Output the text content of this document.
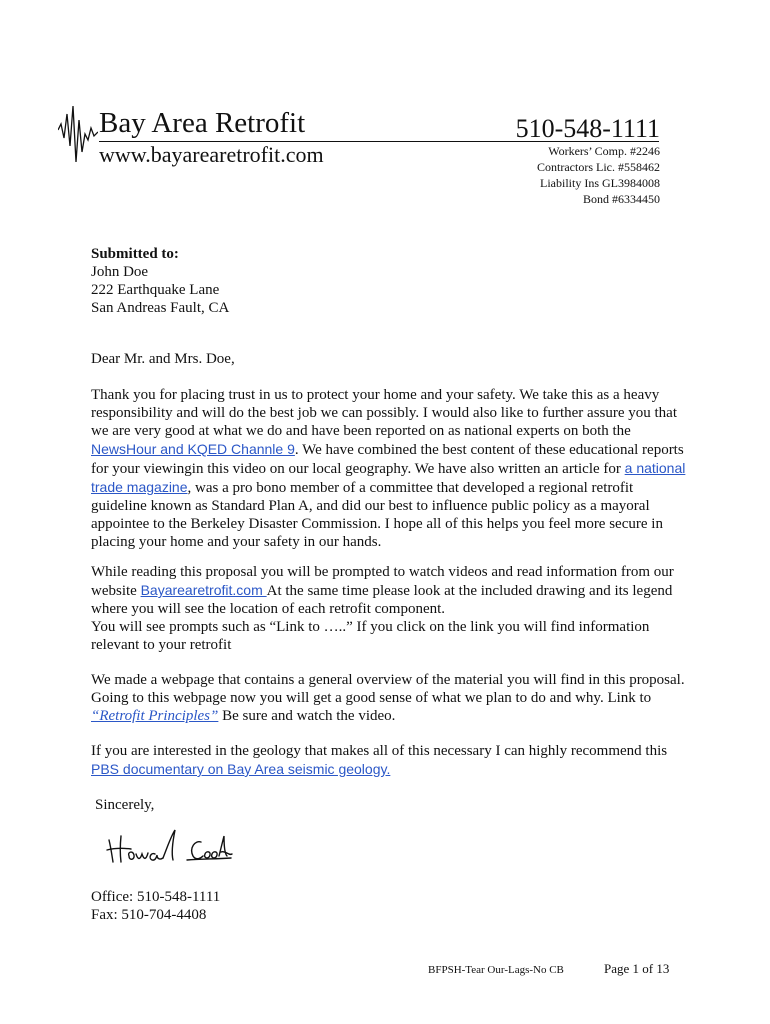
Bay Area Retrofit
www.bayarearetrofit.com
510-548-1111
Workers’ Comp. #2246
Contractors Lic. #558462
Liability Ins GL3984008
Bond #6334450
Submitted to:
John Doe
222 Earthquake Lane
San Andreas Fault, CA
Dear Mr. and Mrs. Doe,

Thank you for placing trust in us to protect your home and your safety. We take this as a heavy responsibility and will do the best job we can possibly. I would also like to further assure you that we are very good at what we do and have been reported on as national experts on both the NewsHour and KQED Channle 9. We have combined the best content of these educational reports for your viewingin this video on our local geography. We have also written an article for a national trade magazine, was a pro bono member of a committee that developed a regional retrofit guideline known as Standard Plan A, and did our best to influence public policy as a mayoral appointee to the Berkeley Disaster Commission. I hope all of this helps you feel more secure in placing your home and your safety in our hands.

While reading this proposal you will be prompted to watch videos and read information from our website Bayarearetrofit.com At the same time please look at the included drawing and its legend where you will see the location of each retrofit component.

You will see prompts such as “Link to …..” If you click on the link you will find information relevant to your retrofit

We made a webpage that contains a general overview of the material you will find in this proposal. Going to this webpage now you will get a good sense of what we plan to do and why. Link to “Retrofit Principles” Be sure and watch the video.

If you are interested in the geology that makes all of this necessary I can highly recommend this PBS documentary on Bay Area seismic geology.

Sincerely,
Office: 510-548-1111
Fax: 510-704-4408
BFPSH-Tear Our-Lags-No CB	Page 1 of 13
